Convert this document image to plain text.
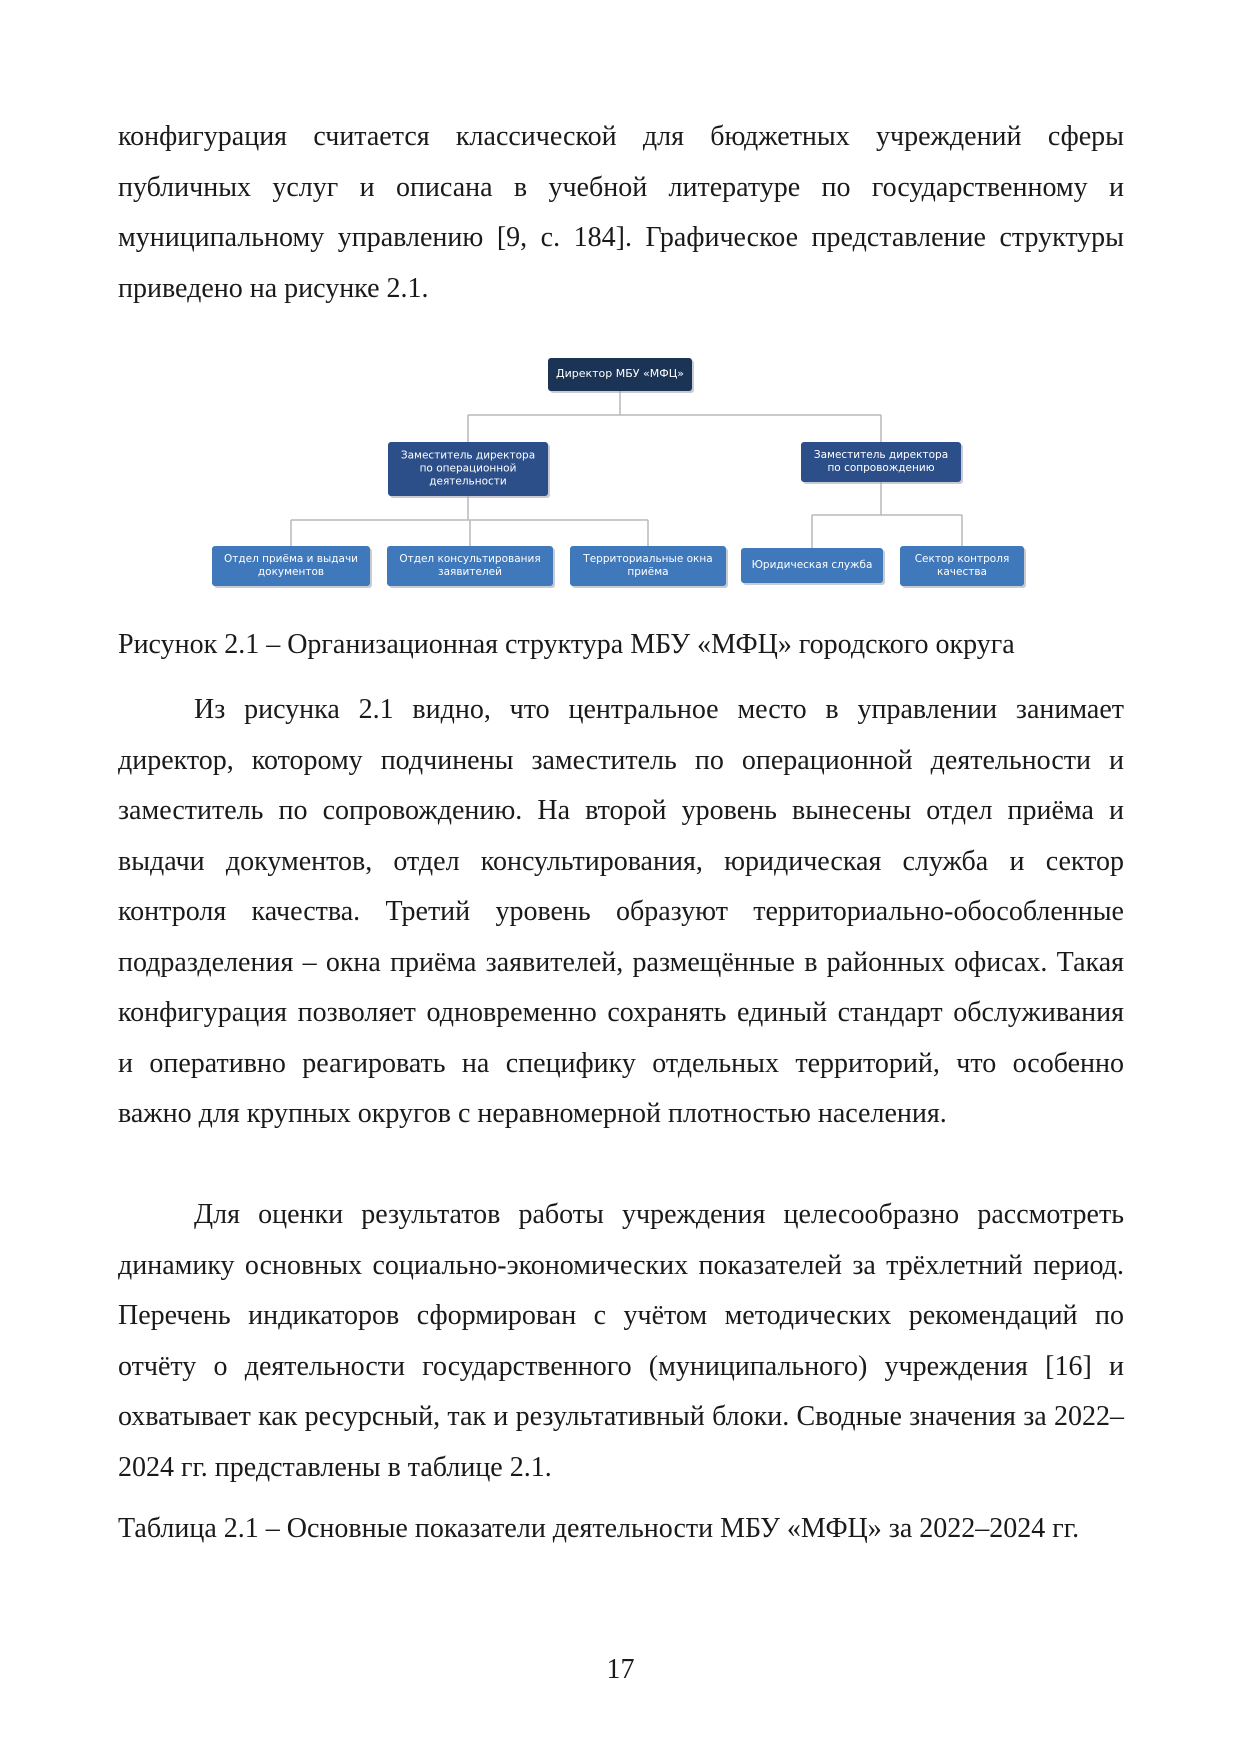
конфигурация считается классической для бюджетных учреждений сферы публичных услуг и описана в учебной литературе по государственному и муниципальному управлению [9, с. 184]. Графическое представление структуры приведено на рисунке 2.1.

Директор МБУ «МФЦ»
Заместитель директора
по операционной
деятельности
Заместитель директора
по сопровождению
Отдел приёма и выдачи
документов
Отдел консультирования
заявителей
Территориальные окна
приёма
Юридическая служба	Сектор контроля
качества

Рисунок 2.1 – Организационная структура МБУ «МФЦ» городского округа

Из рисунка 2.1 видно, что центральное место в управлении занимает директор, которому подчинены заместитель по операционной деятельности и заместитель по сопровождению. На второй уровень вынесены отдел приёма и выдачи документов, отдел консультирования, юридическая служба и сектор контроля качества. Третий уровень образуют территориально-обособленные подразделения – окна приёма заявителей, размещённые в районных офисах. Такая конфигурация позволяет одновременно сохранять единый стандарт обслуживания и оперативно реагировать на специфику отдельных территорий, что особенно важно для крупных округов с неравномерной плотностью населения.

Для оценки результатов работы учреждения целесообразно рассмотреть динамику основных социально-экономических показателей за трёхлетний период. Перечень индикаторов сформирован с учётом методических рекомендаций по отчёту о деятельности государственного (муниципального) учреждения [16] и охватывает как ресурсный, так и результативный блоки. Сводные значения за 2022–2024 гг. представлены в таблице 2.1.

Таблица 2.1 – Основные показатели деятельности МБУ «МФЦ» за 2022–2024 гг.

17
